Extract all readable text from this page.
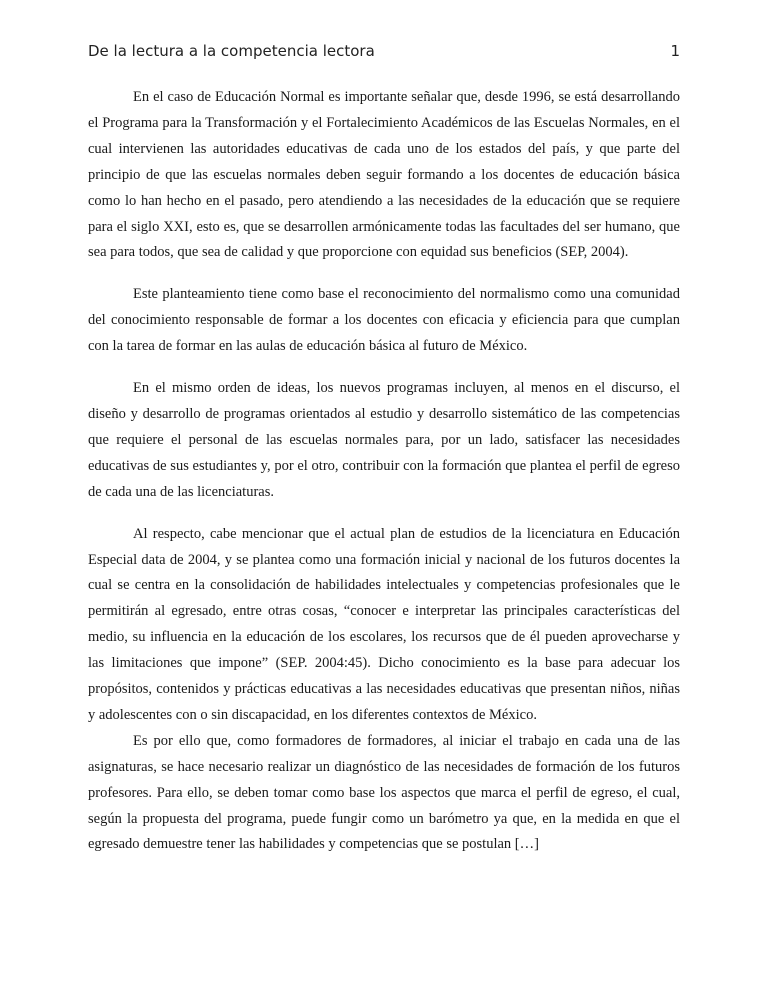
De la lectura a la competencia lectora	1

En el caso de Educación Normal es importante señalar que, desde 1996, se está desarrollando el Programa para la Transformación y el Fortalecimiento Académicos de las Escuelas Normales, en el cual intervienen las autoridades educativas de cada uno de los estados del país, y que parte del principio de que las escuelas normales deben seguir formando a los docentes de educación básica como lo han hecho en el pasado, pero atendiendo a las necesidades de la educación que se requiere para el siglo XXI, esto es, que se desarrollen armónicamente todas las facultades del ser humano, que sea para todos, que sea de calidad y que proporcione con equidad sus beneficios (SEP, 2004).

Este planteamiento tiene como base el reconocimiento del normalismo como una comunidad del conocimiento responsable de formar a los docentes con eficacia y eficiencia para que cumplan con la tarea de formar en las aulas de educación básica al futuro de México.

En el mismo orden de ideas, los nuevos programas incluyen, al menos en el discurso, el diseño y desarrollo de programas orientados al estudio y desarrollo sistemático de las competencias que requiere el personal de las escuelas normales para, por un lado, satisfacer las necesidades educativas de sus estudiantes y, por el otro, contribuir con la formación que plantea el perfil de egreso de cada una de las licenciaturas.

Al respecto, cabe mencionar que el actual plan de estudios de la licenciatura en Educación Especial data de 2004, y se plantea como una formación inicial y nacional de los futuros docentes la cual se centra en la consolidación de habilidades intelectuales y competencias profesionales que le permitirán al egresado, entre otras cosas, “conocer e interpretar las principales características del medio, su influencia en la educación de los escolares, los recursos que de él pueden aprovecharse y las limitaciones que impone” (SEP. 2004:45). Dicho conocimiento es la base para adecuar los propósitos, contenidos y prácticas educativas a las necesidades educativas que presentan niños, niñas y adolescentes con o sin discapacidad, en los diferentes contextos de México.

Es por ello que, como formadores de formadores, al iniciar el trabajo en cada una de las asignaturas, se hace necesario realizar un diagnóstico de las necesidades de formación de los futuros profesores. Para ello, se deben tomar como base los aspectos que marca el perfil de egreso, el cual, según la propuesta del programa, puede fungir como un barómetro ya que, en la medida en que el egresado demuestre tener las habilidades y competencias que se postulan […]
